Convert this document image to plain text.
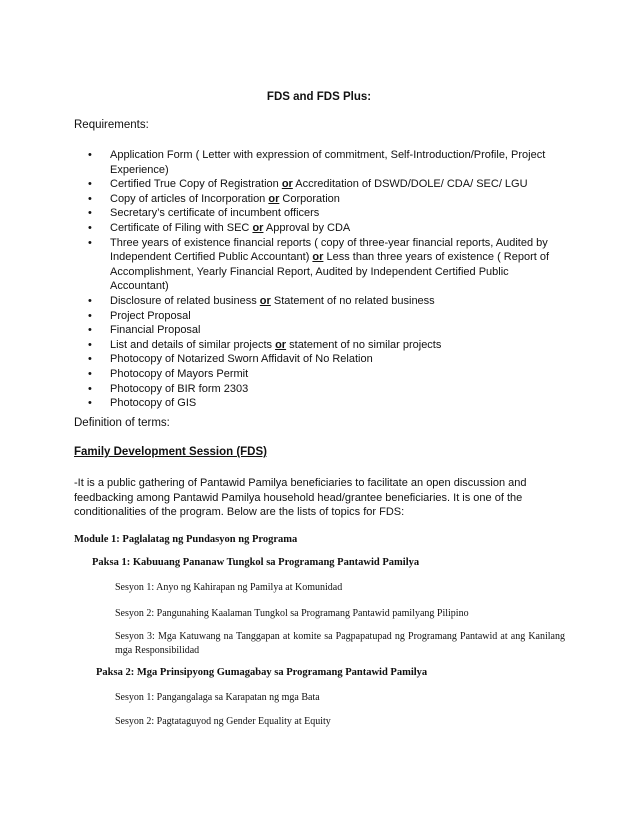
FDS and FDS Plus:
Requirements:
• Application Form ( Letter with expression of commitment, Self-Introduction/Profile, Project Experience)
• Certified True Copy of Registration or Accreditation of DSWD/DOLE/ CDA/ SEC/ LGU
• Copy of articles of Incorporation or Corporation
• Secretary’s certificate of incumbent officers
• Certificate of Filing with SEC or Approval by CDA
• Three years of existence financial reports ( copy of three-year financial reports, Audited by Independent Certified Public Accountant) or Less than three years of existence ( Report of Accomplishment, Yearly Financial Report, Audited by Independent Certified Public Accountant)
• Disclosure of related business or Statement of no related business
• Project Proposal
• Financial Proposal
• List and details of similar projects or statement of no similar projects
• Photocopy of Notarized Sworn Affidavit of No Relation
• Photocopy of Mayors Permit
• Photocopy of BIR form 2303
• Photocopy of GIS
Definition of terms:
Family Development Session (FDS)
-It is a public gathering of Pantawid Pamilya beneficiaries to facilitate an open discussion and feedbacking among Pantawid Pamilya household head/grantee beneficiaries. It is one of the conditionalities of the program. Below are the lists of topics for FDS:
Module 1: Paglalatag ng Pundasyon ng Programa
Paksa 1: Kabuuang Pananaw Tungkol sa Programang Pantawid Pamilya
Sesyon 1: Anyo ng Kahirapan ng Pamilya at Komunidad
Sesyon 2: Pangunahing Kaalaman Tungkol sa Programang Pantawid pamilyang Pilipino
Sesyon 3: Mga Katuwang na Tanggapan at komite sa Pagpapatupad ng Programang Pantawid at ang Kanilang mga Responsibilidad
Paksa 2: Mga Prinsipyong Gumagabay sa Programang Pantawid Pamilya
Sesyon 1: Pangangalaga sa Karapatan ng mga Bata
Sesyon 2: Pagtataguyod ng Gender Equality at Equity
